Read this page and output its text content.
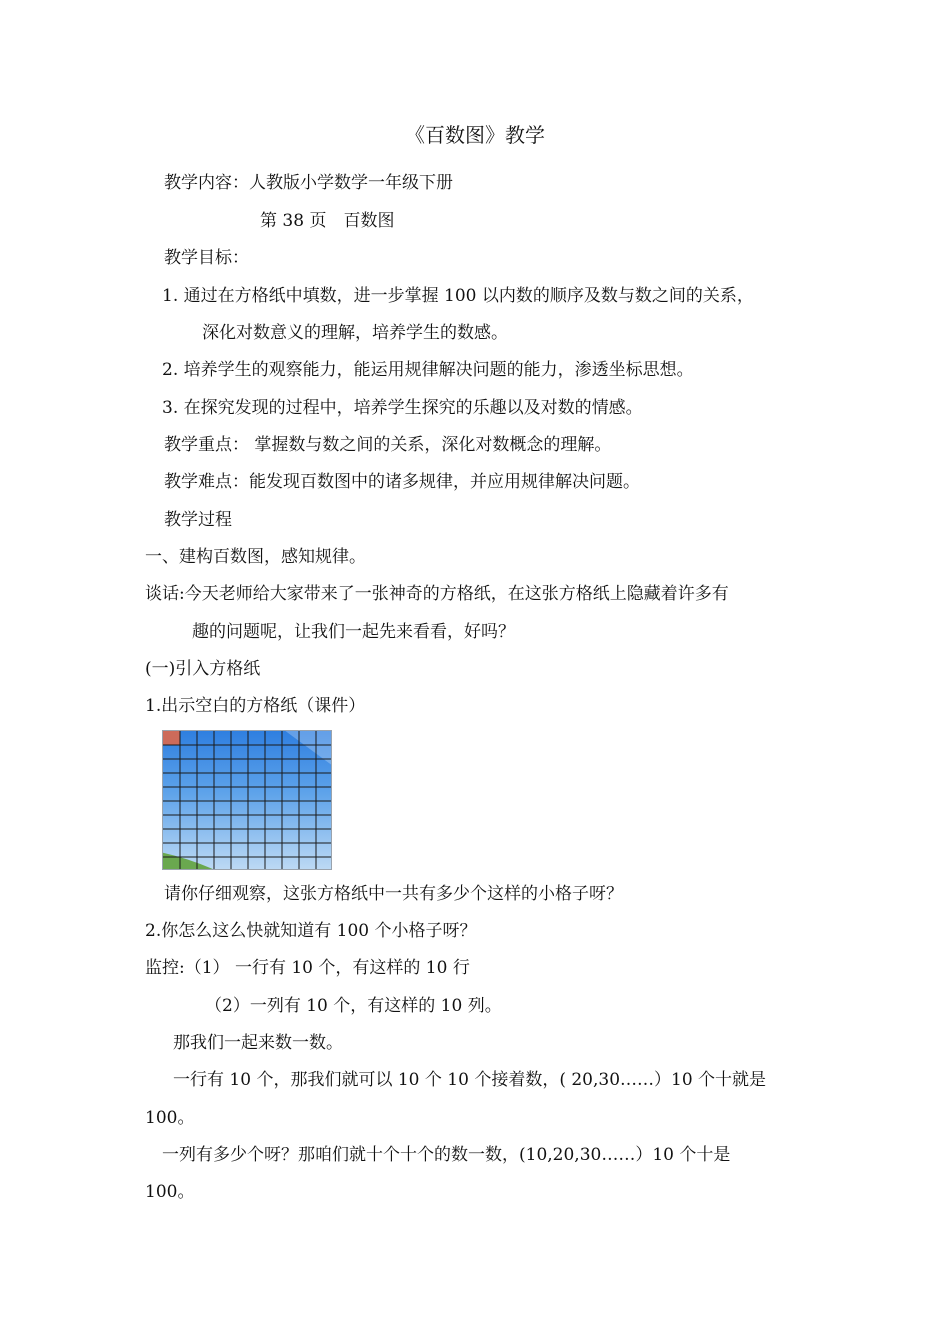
《百数图》教学
教学内容：人教版小学数学一年级下册
第 38 页　百数图
教学目标：
1. 通过在方格纸中填数，进一步掌握 100 以内数的顺序及数与数之间的关系，
深化对数意义的理解，培养学生的数感。
2. 培养学生的观察能力，能运用规律解决问题的能力，渗透坐标思想。
3. 在探究发现的过程中，培养学生探究的乐趣以及对数的情感。
教学重点： 掌握数与数之间的关系，深化对数概念的理解。
教学难点：能发现百数图中的诸多规律，并应用规律解决问题。
教学过程
一、建构百数图，感知规律。
谈话:今天老师给大家带来了一张神奇的方格纸，在这张方格纸上隐藏着许多有
趣的问题呢，让我们一起先来看看，好吗？
(一)引入方格纸
1.出示空白的方格纸（课件）
请你仔细观察，这张方格纸中一共有多少个这样的小格子呀？
2.你怎么这么快就知道有 100 个小格子呀？
监控:（1） 一行有 10 个，有这样的 10 行
（2）一列有 10 个，有这样的 10 列。
那我们一起来数一数。
一行有 10 个，那我们就可以 10 个 10 个接着数，( 20,30……）10 个十就是
100。
一列有多少个呀？那咱们就十个十个的数一数，(10,20,30……）10 个十是
100。
